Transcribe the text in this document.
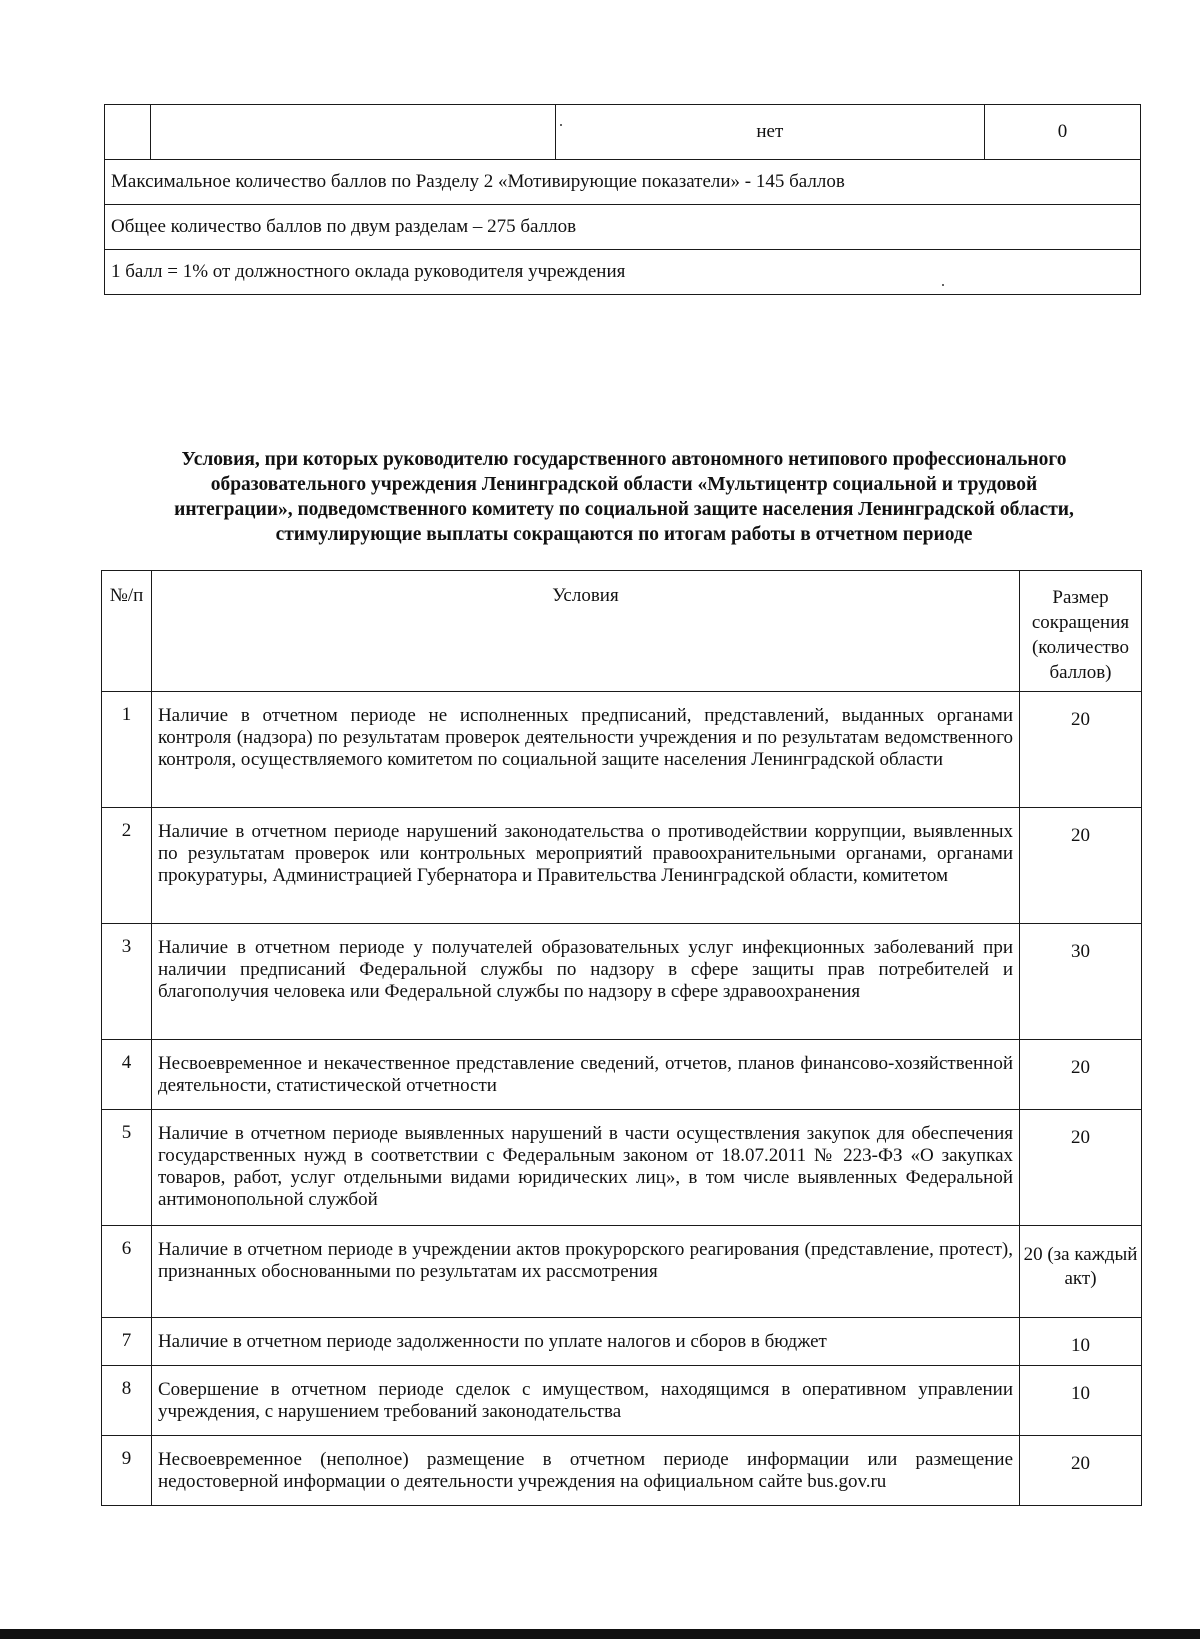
		нет	0
Максимальное количество баллов по Разделу 2 «Мотивирующие показатели» - 145 баллов
Общее количество баллов по двум разделам – 275 баллов
1 балл = 1% от должностного оклада руководителя учреждения
Условия, при которых руководителю государственного автономного нетипового профессионального
образовательного учреждения Ленинградской области «Мультицентр социальной и трудовой
интеграции», подведомственного комитету по социальной защите населения Ленинградской области,
стимулирующие выплаты сокращаются по итогам работы в отчетном периоде
№/п	Условия	Размер сокращения (количество баллов)
1	Наличие в отчетном периоде не исполненных предписаний, представлений, выданных органами контроля (надзора) по результатам проверок деятельности учреждения и по результатам ведомственного контроля, осуществляемого комитетом по социальной защите населения Ленинградской области	20
2	Наличие в отчетном периоде нарушений законодательства о противодействии коррупции, выявленных по результатам проверок или контрольных мероприятий правоохранительными органами, органами прокуратуры, Администрацией Губернатора и Правительства Ленинградской области, комитетом	20
3	Наличие в отчетном периоде у получателей образовательных услуг инфекционных заболеваний при наличии предписаний Федеральной службы по надзору в сфере защиты прав потребителей и благополучия человека или Федеральной службы по надзору в сфере здравоохранения	30
4	Несвоевременное и некачественное представление сведений, отчетов, планов финансово-хозяйственной деятельности, статистической отчетности	20
5	Наличие в отчетном периоде выявленных нарушений в части осуществления закупок для обеспечения государственных нужд в соответствии с Федеральным законом от 18.07.2011 № 223-ФЗ «О закупках товаров, работ, услуг отдельными видами юридических лиц», в том числе выявленных Федеральной антимонопольной службой	20
6	Наличие в отчетном периоде в учреждении актов прокурорского реагирования (представление, протест), признанных обоснованными по результатам их рассмотрения	20 (за каждый акт)
7	Наличие в отчетном периоде задолженности по уплате налогов и сборов в бюджет	10
8	Совершение в отчетном периоде сделок с имуществом, находящимся в оперативном управлении учреждения, с нарушением требований законодательства	10
9	Несвоевременное (неполное) размещение в отчетном периоде информации или размещение недостоверной информации о деятельности учреждения на официальном сайте bus.gov.ru	20
